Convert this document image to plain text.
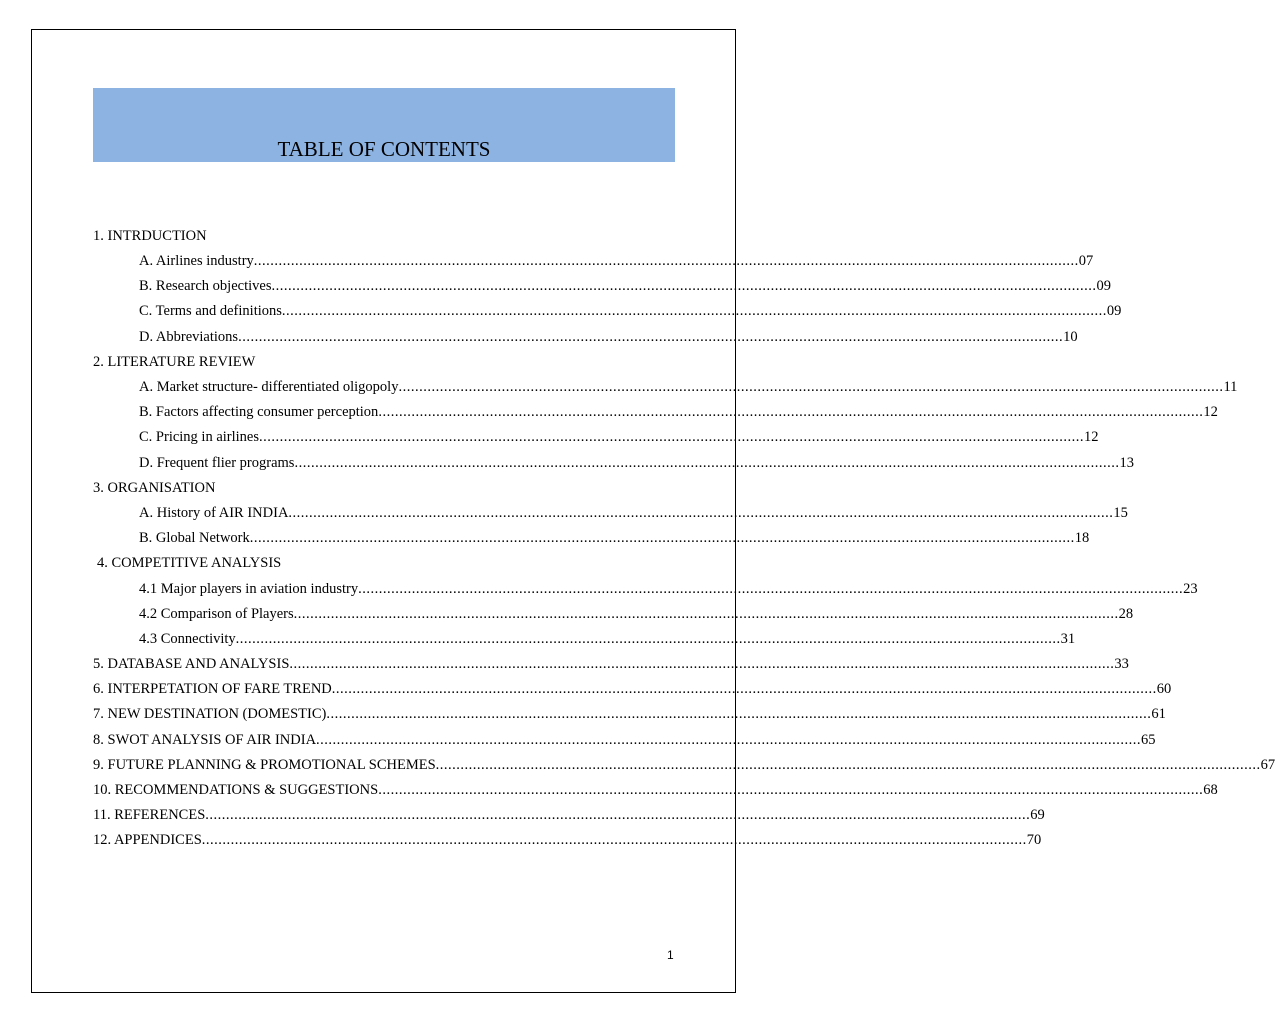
TABLE OF CONTENTS
1. INTRDUCTION
A. Airlines industry ........................................................................................................................................................................................................ 07
B. Research objectives ........................................................................................................................................................................................................ 09
C. Terms and definitions ........................................................................................................................................................................................................ 09
D. Abbreviations ........................................................................................................................................................................................................ 10
2. LITERATURE REVIEW
A. Market structure- differentiated oligopoly ........................................................................................................................................................................................................ 11
B. Factors affecting consumer perception ........................................................................................................................................................................................................ 12
C. Pricing in airlines ........................................................................................................................................................................................................ 12
D. Frequent flier programs ........................................................................................................................................................................................................ 13
3. ORGANISATION
A. History of AIR INDIA ........................................................................................................................................................................................................ 15
B. Global Network ........................................................................................................................................................................................................ 18
4. COMPETITIVE ANALYSIS
4.1 Major players in aviation industry ........................................................................................................................................................................................................ 23
4.2 Comparison of Players ........................................................................................................................................................................................................ 28
4.3 Connectivity ........................................................................................................................................................................................................ 31
5. DATABASE AND ANALYSIS ........................................................................................................................................................................................................ 33
6. INTERPETATION OF FARE TREND ........................................................................................................................................................................................................ 60
7. NEW DESTINATION (DOMESTIC) ........................................................................................................................................................................................................ 61
8. SWOT ANALYSIS OF AIR INDIA ........................................................................................................................................................................................................ 65
9. FUTURE PLANNING & PROMOTIONAL SCHEMES ........................................................................................................................................................................................................ 67
10. RECOMMENDATIONS & SUGGESTIONS ........................................................................................................................................................................................................ 68
11. REFERENCES ........................................................................................................................................................................................................ 69
12. APPENDICES ........................................................................................................................................................................................................ 70
1
